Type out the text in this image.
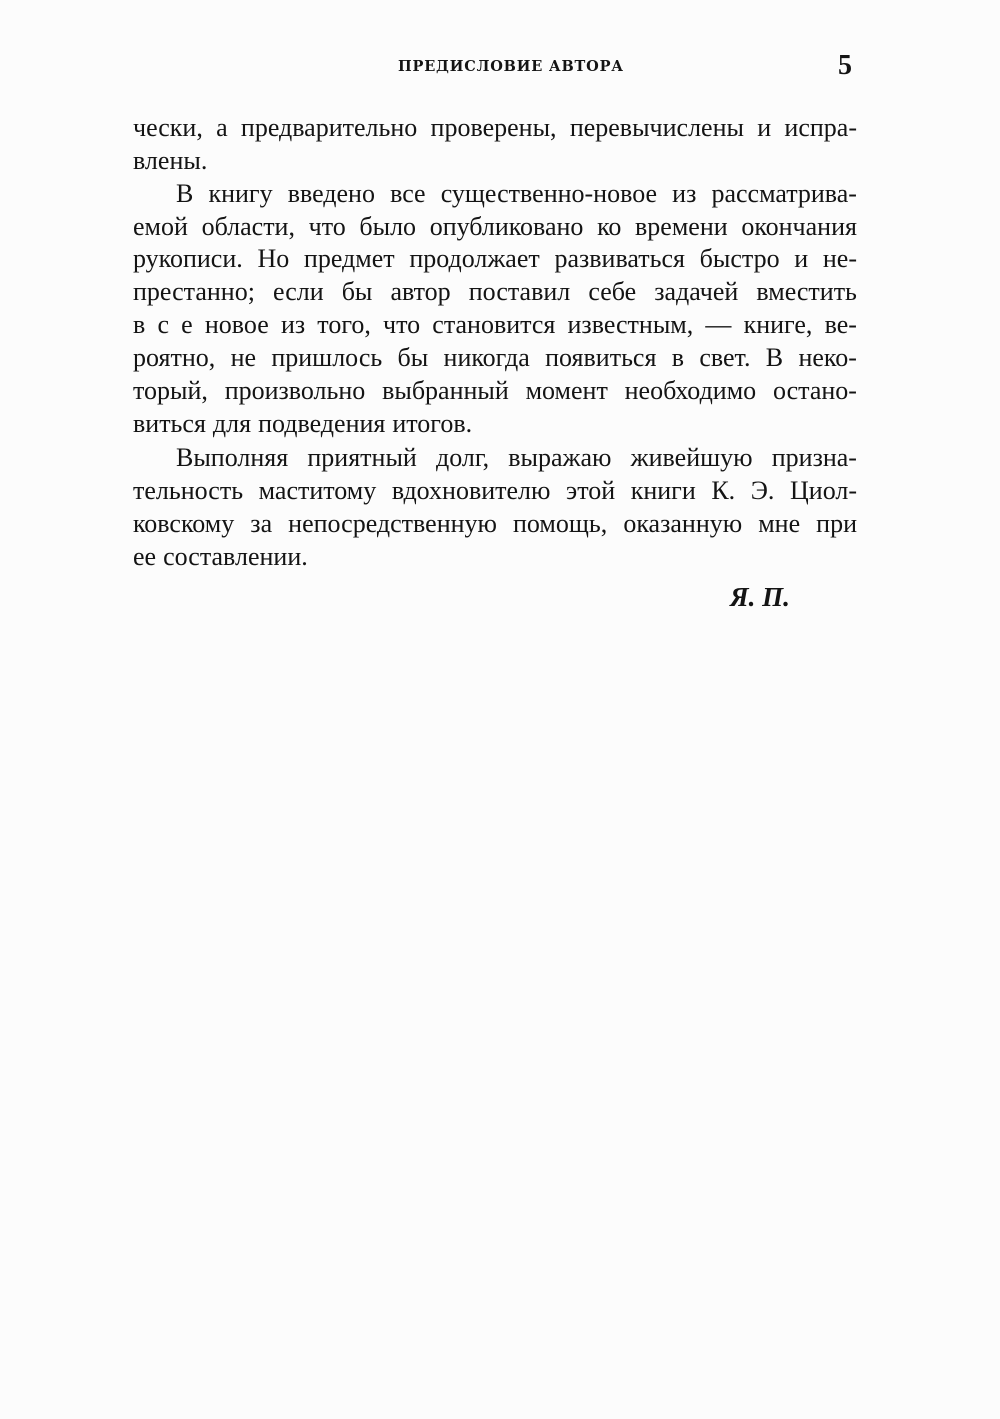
ПРЕДИСЛОВИЕ АВТОРА	5
чески, а предварительно проверены, перевычислены и испра-
влены.
В книгу введено все существенно-новое из рассматрива-
емой области, что было опубликовано ко времени окончания
рукописи. Но предмет продолжает развиваться быстро и не-
престанно; если бы автор поставил себе задачей вместить
в с е новое из того, что становится известным, — книге, ве-
роятно, не пришлось бы никогда появиться в свет. В неко-
торый, произвольно выбранный момент необходимо остано-
виться для подведения итогов.
Выполняя приятный долг, выражаю живейшую призна-
тельность маститому вдохновителю этой книги К. Э. Циол-
ковскому за непосредственную помощь, оказанную мне при
ее составлении.
Я. П.
